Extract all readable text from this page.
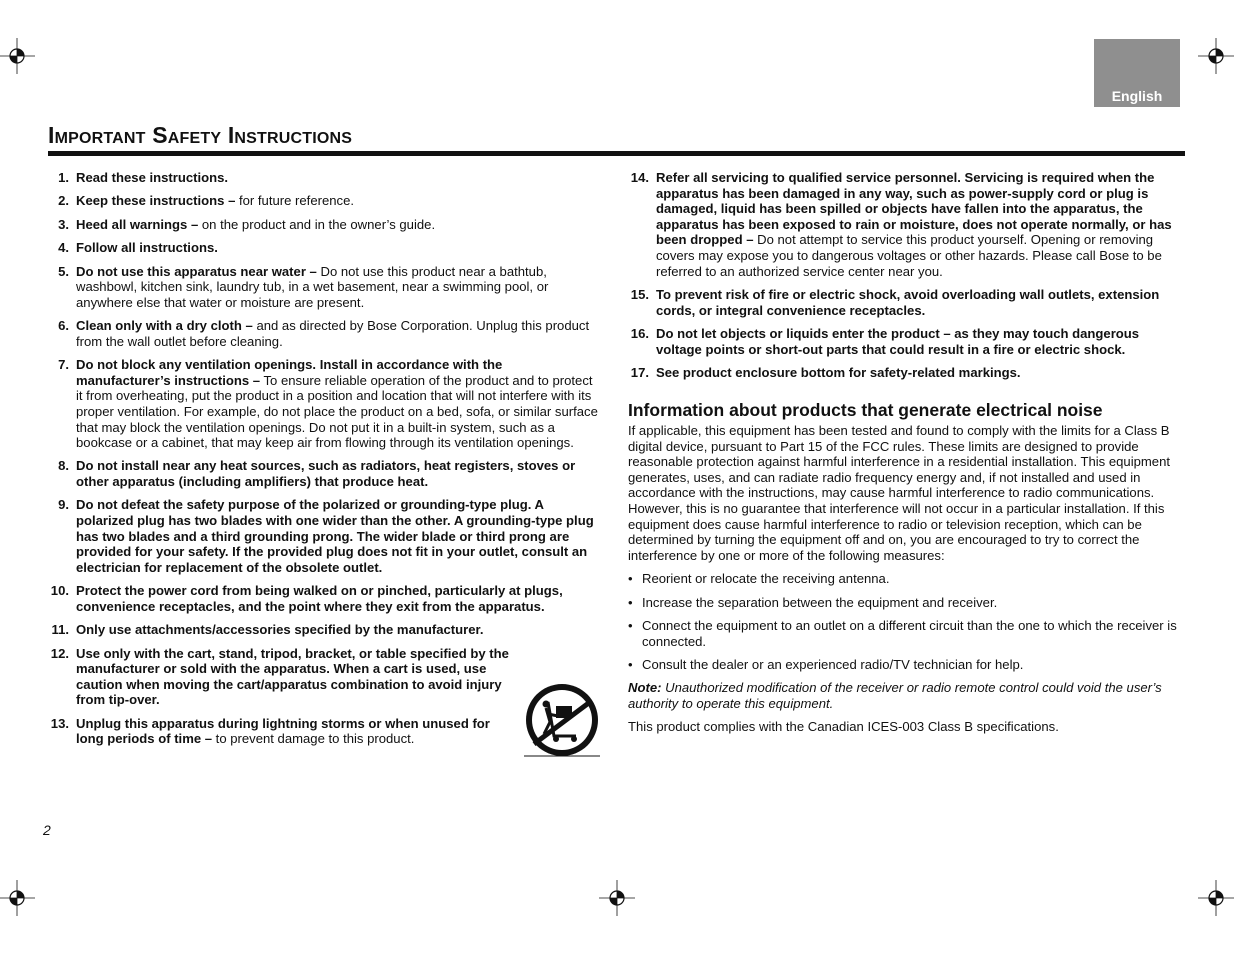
English
Important Safety Instructions
1. Read these instructions.
2. Keep these instructions – for future reference.
3. Heed all warnings – on the product and in the owner’s guide.
4. Follow all instructions.
5. Do not use this apparatus near water – Do not use this product near a bathtub, washbowl, kitchen sink, laundry tub, in a wet basement, near a swimming pool, or anywhere else that water or moisture are present.
6. Clean only with a dry cloth – and as directed by Bose Corporation. Unplug this product from the wall outlet before cleaning.
7. Do not block any ventilation openings. Install in accordance with the manufacturer’s instructions – To ensure reliable operation of the product and to protect it from overheating, put the product in a position and location that will not interfere with its proper ventilation. For example, do not place the product on a bed, sofa, or similar surface that may block the ventilation openings. Do not put it in a built-in system, such as a bookcase or a cabinet, that may keep air from flowing through its ventilation openings.
8. Do not install near any heat sources, such as radiators, heat registers, stoves or other apparatus (including amplifiers) that produce heat.
9. Do not defeat the safety purpose of the polarized or grounding-type plug. A polarized plug has two blades with one wider than the other. A grounding-type plug has two blades and a third grounding prong. The wider blade or third prong are provided for your safety. If the provided plug does not fit in your outlet, consult an electrician for replacement of the obsolete outlet.
10. Protect the power cord from being walked on or pinched, particularly at plugs, convenience receptacles, and the point where they exit from the apparatus.
11. Only use attachments/accessories specified by the manufacturer.
12. Use only with the cart, stand, tripod, bracket, or table specified by the manufacturer or sold with the apparatus. When a cart is used, use caution when moving the cart/apparatus combination to avoid injury from tip-over.
13. Unplug this apparatus during lightning storms or when unused for long periods of time – to prevent damage to this product.
14. Refer all servicing to qualified service personnel. Servicing is required when the apparatus has been damaged in any way, such as power-supply cord or plug is damaged, liquid has been spilled or objects have fallen into the apparatus, the apparatus has been exposed to rain or moisture, does not operate normally, or has been dropped – Do not attempt to service this product yourself. Opening or removing covers may expose you to dangerous voltages or other hazards. Please call Bose to be referred to an authorized service center near you.
15. To prevent risk of fire or electric shock, avoid overloading wall outlets, extension cords, or integral convenience receptacles.
16. Do not let objects or liquids enter the product – as they may touch dangerous voltage points or short-out parts that could result in a fire or electric shock.
17. See product enclosure bottom for safety-related markings.
Information about products that generate electrical noise

If applicable, this equipment has been tested and found to comply with the limits for a Class B digital device, pursuant to Part 15 of the FCC rules. These limits are designed to provide reasonable protection against harmful interference in a residential installation. This equipment generates, uses, and can radiate radio frequency energy and, if not installed and used in accordance with the instructions, may cause harmful interference to radio communications. However, this is no guarantee that interference will not occur in a particular installation. If this equipment does cause harmful interference to radio or television reception, which can be determined by turning the equipment off and on, you are encouraged to try to correct the interference by one or more of the following measures:

• Reorient or relocate the receiving antenna.
• Increase the separation between the equipment and receiver.
• Connect the equipment to an outlet on a different circuit than the one to which the receiver is connected.
• Consult the dealer or an experienced radio/TV technician for help.

Note: Unauthorized modification of the receiver or radio remote control could void the user’s authority to operate this equipment.

This product complies with the Canadian ICES-003 Class B specifications.

2
